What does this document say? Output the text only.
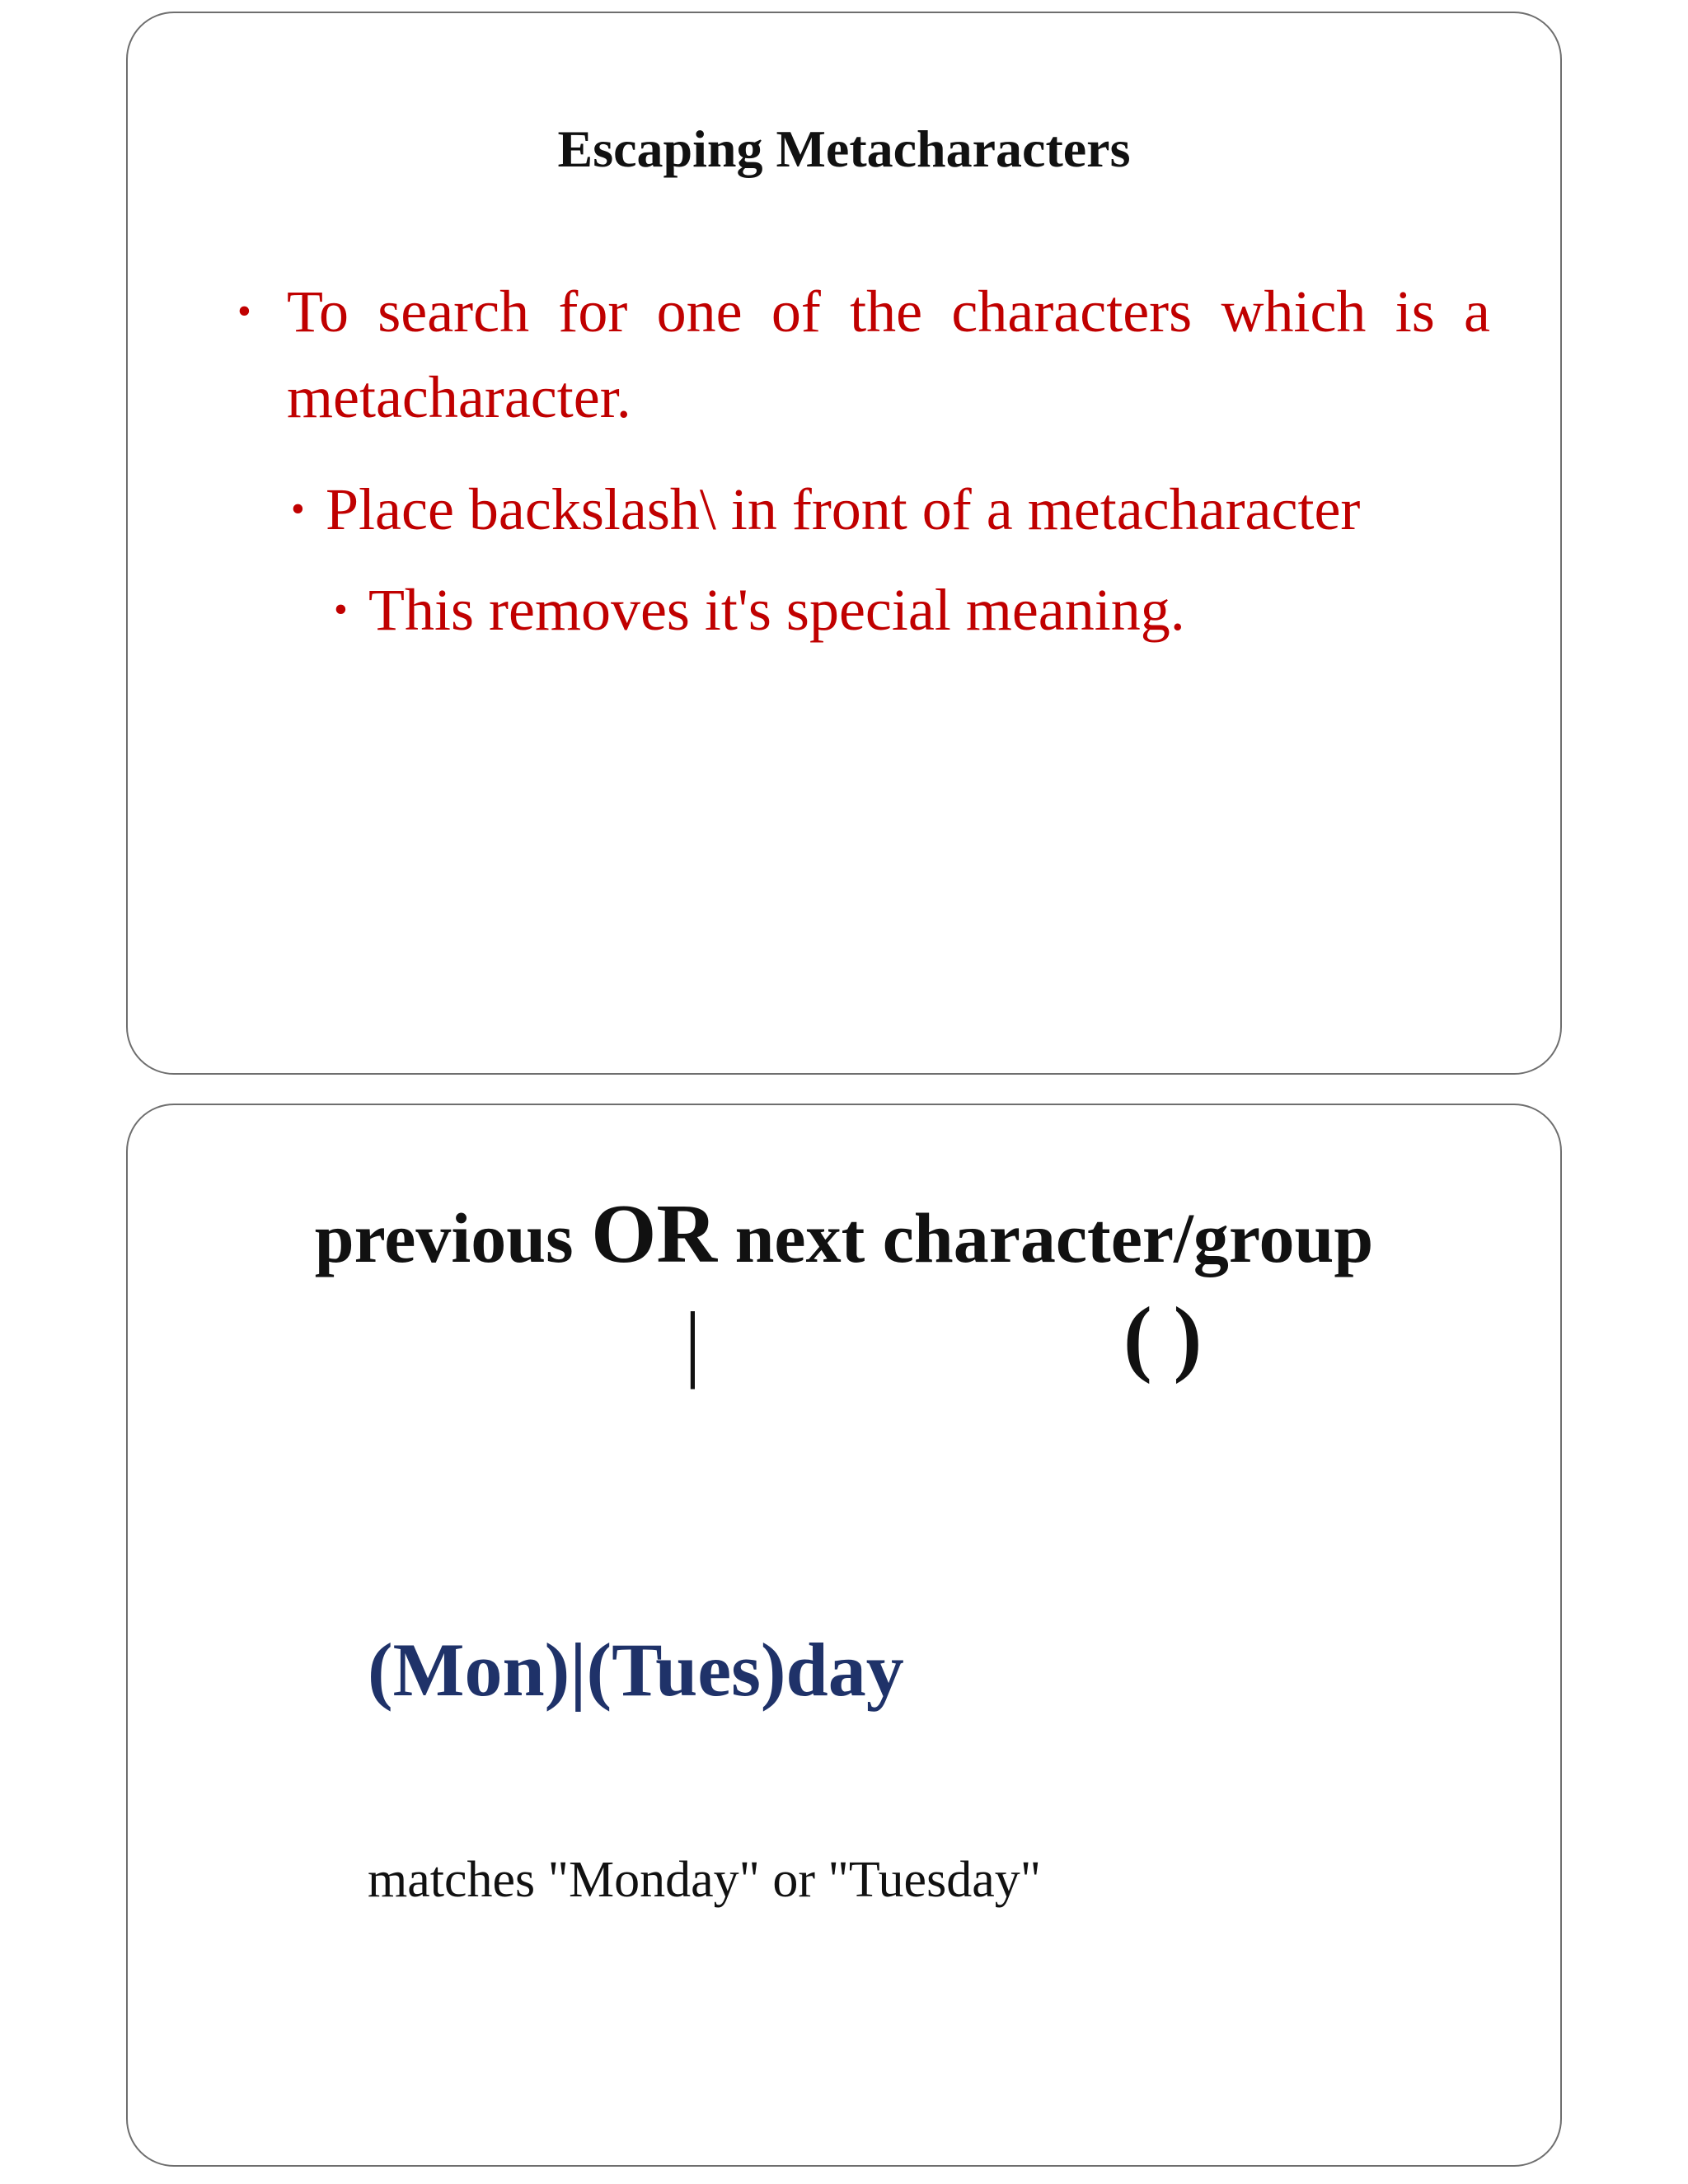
Escaping Metacharacters
• To search for one of the characters which is a metacharacter.
• Place backslash\ in front of a metacharacter
• This removes it's special meaning.
previous OR next character/group
|	( )
(Mon)|(Tues)day
matches "Monday" or "Tuesday"
